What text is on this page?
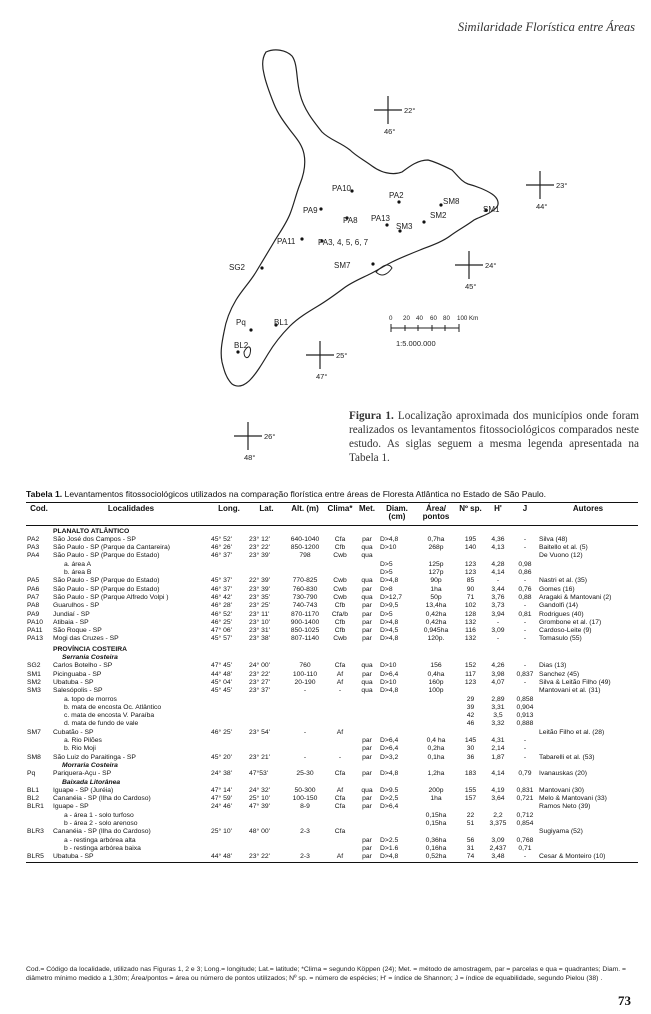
Similaridade Florística entre Áreas
22°
46°
23°
44°
24°
45°
25°
47°
26°
48°
PA10
PA2
SM8
SM1
PA9
PA8 PA13	SM2
SM3
PA11	PA3, 4, 5, 6, 7
SG2	SM7
Pq	BL1
BL2
0 20 40 60 80 100 Km
1:5.000.000
Figura 1. Localização aproximada dos municípios onde foram realizados os levantamentos fitossociológicos comparados neste estudo. As siglas seguem a mesma legenda apresentada na Tabela 1.
Tabela 1. Levantamentos fitossociológicos utilizados na comparação florística entre áreas de Floresta Atlântica no Estado de São Paulo.
Cod.	Localidades	Long.	Lat.	Alt. (m)	Clima*	Met.	Diam. (cm)	Área/ pontos	Nº sp.	H'	J	Autores
	PLANALTO ATLÂNTICO											
PA2	São José dos Campos - SP	45° 52'	23° 12'	640-1040	Cfa	par	D>4,8	0,7ha	195	4,36	-	Silva (48)
PA3	São Paulo - SP (Parque da Cantareira)	46° 26'	23° 22'	850-1200	Cfb	qua	D>10	268p	140	4,13	-	Baitello et al. (5)
PA4	São Paulo - SP (Parque do Estado)	46° 37'	23° 39'	798	Cwb	qua						De Vuono (12)
	a. área A						D>5	125p	123	4,28	0,98	
	b. área B						D>5	127p	123	4,14	0,86	
PA5	São Paulo - SP (Parque do Estado)	45° 37'	22° 39'	770-825	Cwb	qua	D>4,8	90p	85	-	-	Nastri et al. (35)
PA6	São Paulo - SP (Parque do Estado)	46° 37'	23° 39'	760-830	Cwb	par	D>8	1ha	90	3,44	0,76	Gomes (16)
PA7	São Paulo - SP (Parque Alfredo Volpi )	46° 42'	23° 35'	730-790	Cwb	qua	D>12,7	50p	71	3,76	0,88	Aragaki & Mantovani (2)
PA8	Guarulhos - SP	46° 28'	23° 25'	740-743	Cfb	par	D>9,5	13,4ha	102	3,73	-	Gandolfi (14)
PA9	Jundiaí - SP	46° 52'	23° 11'	870-1170	Cfa/b	par	D>5	0,42ha	128	3,94	0,81	Rodrigues (40)
PA10	Atibaia - SP	46° 25'	23° 10'	900-1400	Cfb	par	D>4,8	0,42ha	132	-	-	Grombone et al. (17)
PA11	São Roque - SP	47° 06'	23° 31'	850-1025	Cfb	par	D>4,5	0,945ha	116	3,09	-	Cardoso-Leite (9)
PA13	Mogi das Cruzes - SP	45° 57'	23° 38'	807-1140	Cwb	par	D>4,8	120p.	132	-	-	Tomasulo (55)
	PROVÍNCIA COSTEIRA											
	Serrania Costeira											
SG2	Carlos Botelho - SP	47° 45'	24° 00'	760	Cfa	qua	D>10	156	152	4,26	-	Dias (13)
SM1	Picinguaba - SP	44° 48'	23° 22'	100-110	Af	par	D>6,4	0,4ha	117	3,98	0,837	Sanchez (45)
SM2	Ubatuba - SP	45° 04'	23° 27'	20-190	Af	qua	D>10	160p	123	4,07	-	Silva & Leitão Filho (49)
SM3	Salesópolis - SP	45° 45'	23° 37'	-	-	qua	D>4,8	100p				Mantovani et al. (31)
	a. topo de morros								29	2,89	0,858	
	b. mata de encosta Oc. Atlântico								39	3,31	0,904	
	c. mata de encosta V. Paraíba								42	3,5	0,913	
	d. mata de fundo de vale								46	3,32	0,888	
SM7	Cubatão - SP	46° 25'	23° 54'	-	Af							Leitão Filho et al. (28)
	a. Rio Pilões					par	D>6,4	0,4 ha	145	4,31	-	
	b. Rio Moji					par	D>6,4	0,2ha	30	2,14	-	
SM8	São Luiz do Paraitinga - SP	45° 20'	23° 21'	-	-	par	D>3,2	0,1ha	36	1,87	-	Tabarelli et al. (53)
	Morraria Costeira											
Pq	Pariquera-Açu - SP	24° 38'	47°53'	25-30	Cfa	par	D>4,8	1,2ha	183	4,14	0,79	Ivanauskas (20)
	Baixada Litorânea											
BL1	Iguape - SP (Juréia)	47° 14'	24° 32'	50-300	Af	qua	D>9.5	200p	155	4,19	0,831	Mantovani (30)
BL2	Cananéia - SP (Ilha do Cardoso)	47° 59'	25° 10'	100-150	Cfa	par	D>2,5	1ha	157	3,64	0,721	Melo & Mantovani (33)
BLR1	Iguape - SP	24° 46'	47° 39'	8-9	Cfa	par	D>6,4					Ramos Neto (39)
	a - área 1 - solo turfoso							0,15ha	22	2,2	0,712	
	b - área 2 - solo arenoso							0,15ha	51	3,375	0,854	
BLR3	Cananéia - SP (Ilha do Cardoso)	25° 10'	48° 00'	2-3	Cfa							Sugiyama (52)
	a - restinga arbórea alta					par	D>2.5	0,36ha	56	3,09	0,768	
	b - restinga arbórea baixa					par	D>1.6	0,16ha	31	2,437	0,71	
BLR5	Ubatuba - SP	44° 48'	23° 22'	2-3	Af	par	D>4,8	0,52ha	74	3,48	-	Cesar & Monteiro (10)
Cod.= Código da localidade, utilizado nas Figuras 1, 2 e 3; Long.= longitude; Lat.= latitude; *Clima = segundo Köppen (24); Met. = método de amostragem, par = parcelas e qua = quadrantes; Diam. = diâmetro mínimo medido a 1,30m; Área/pontos = área ou número de pontos utilizados; Nº sp. = número de espécies; H' = índice de Shannon; J = índice de equabilidade, segundo Pielou (38) .
73
